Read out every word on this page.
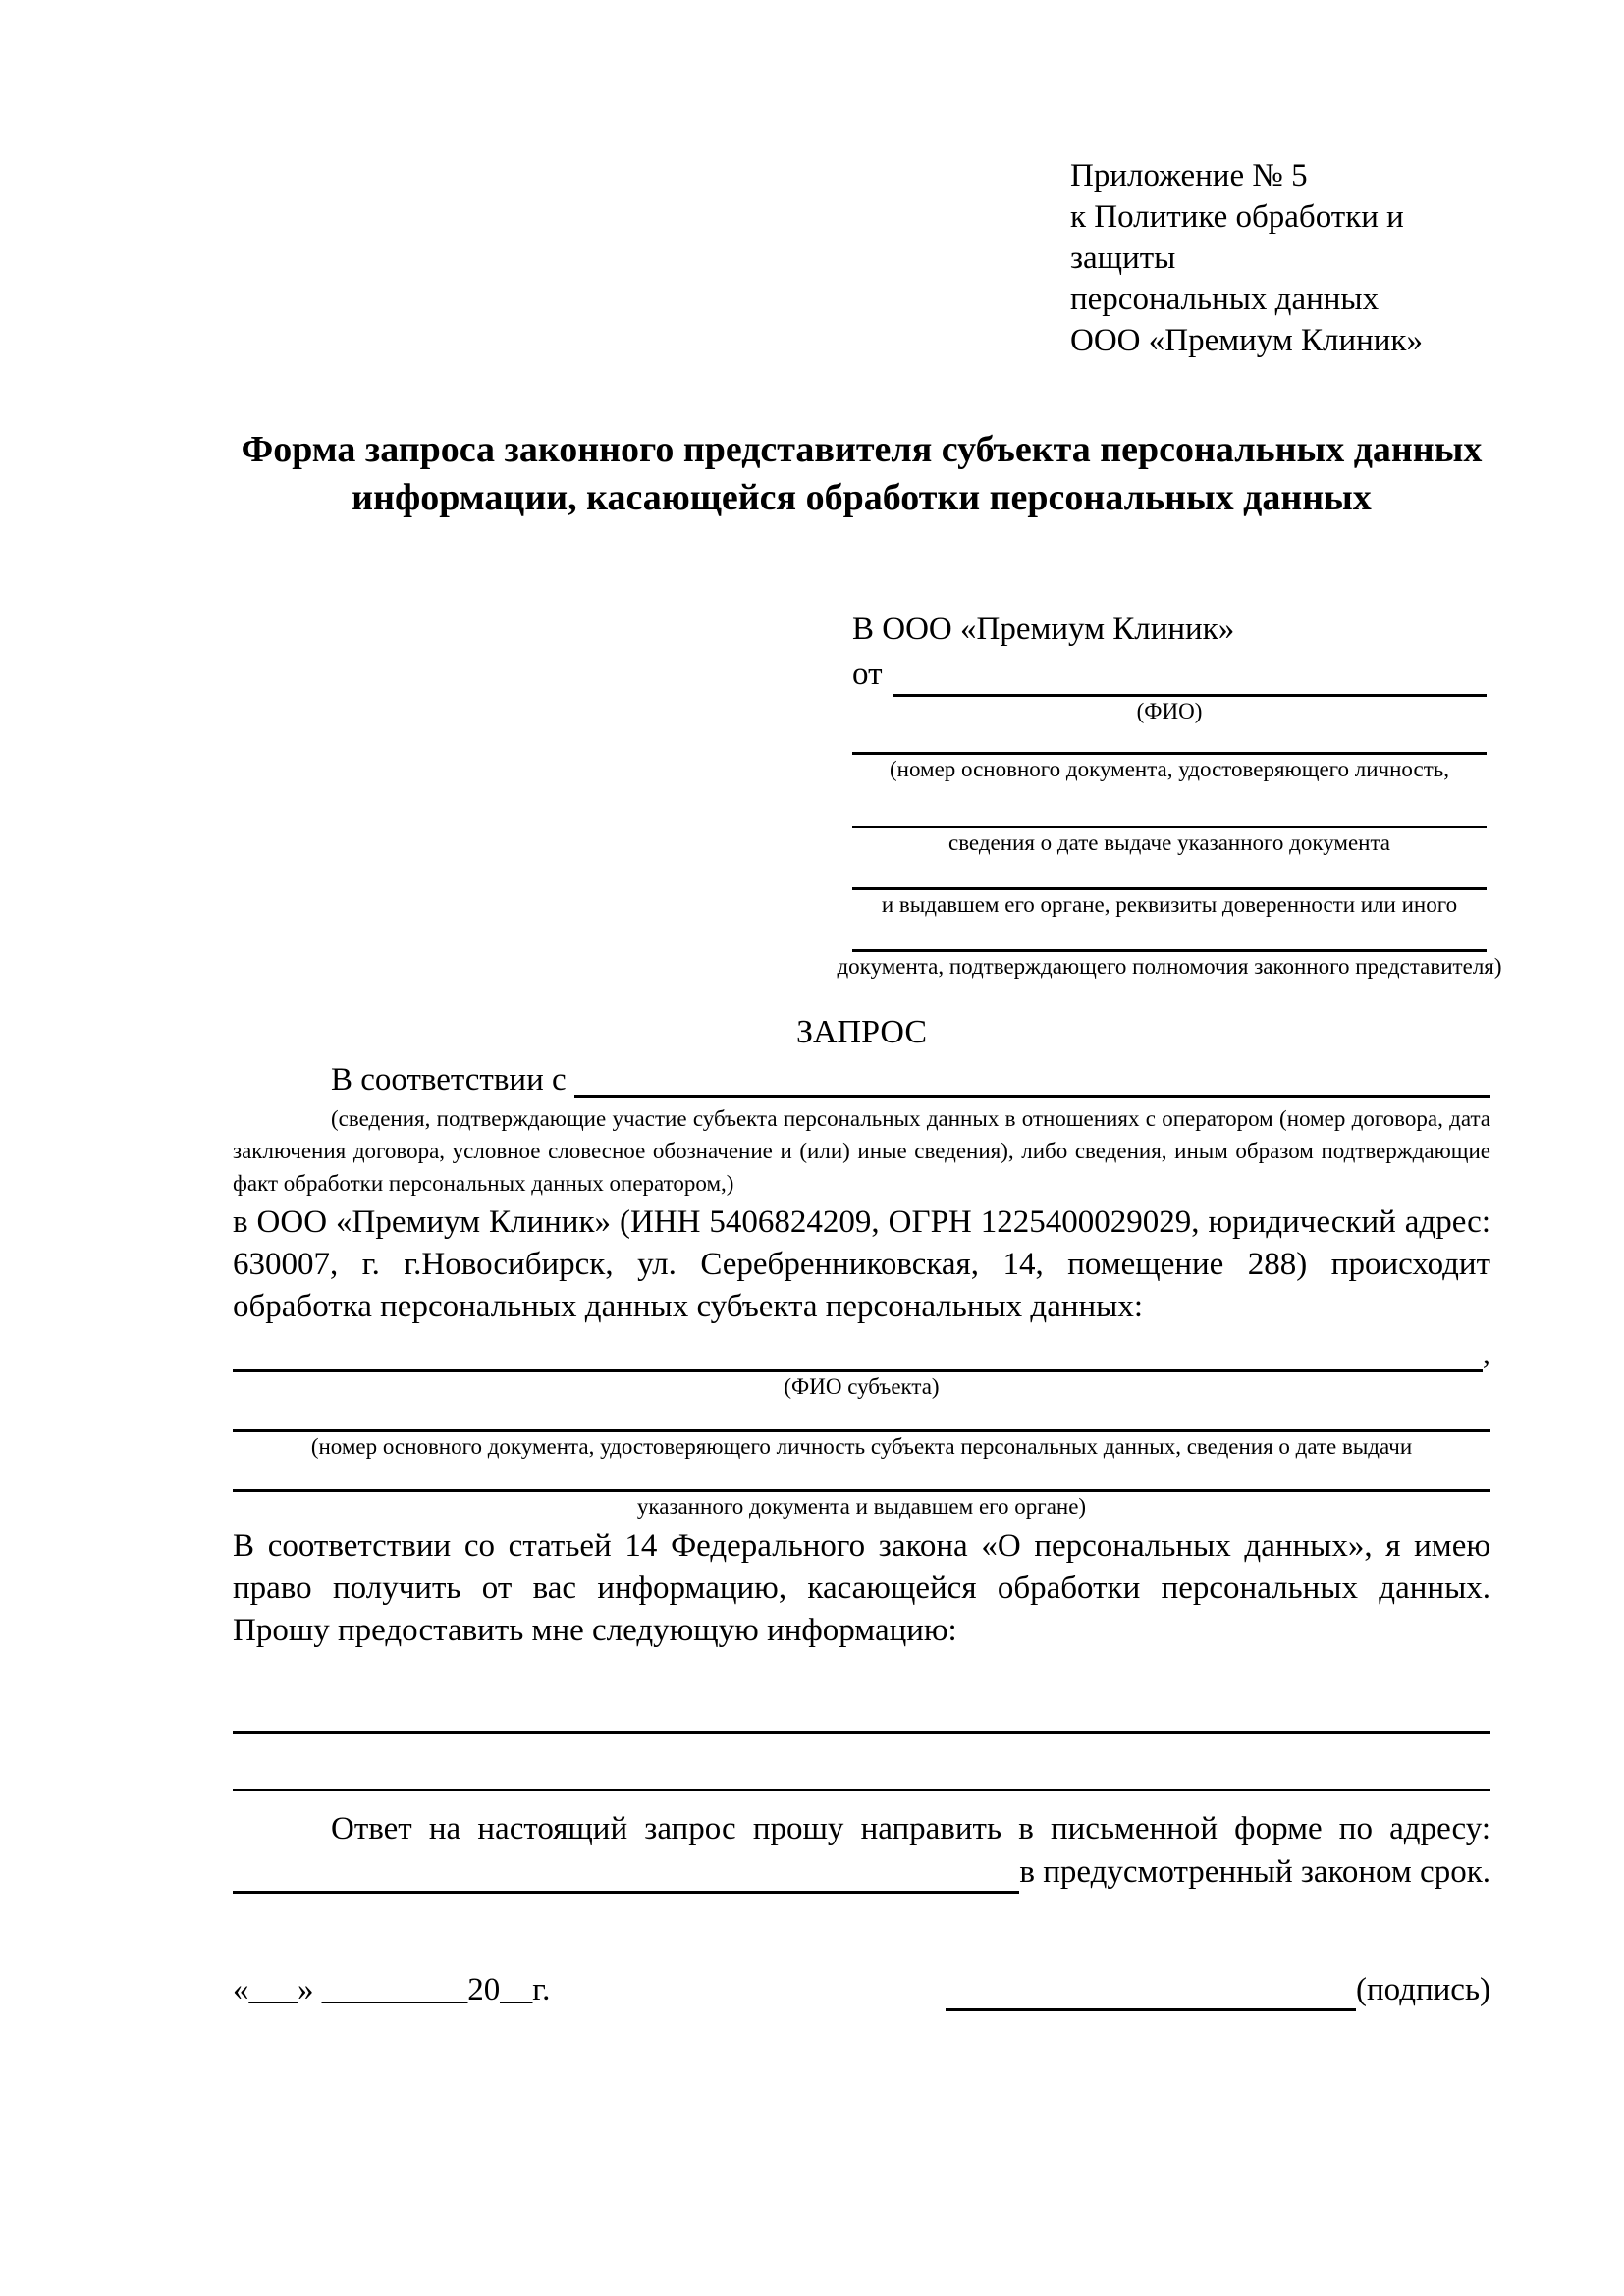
Приложение № 5
к Политике обработки и защиты
персональных данных
ООО «Премиум Клиник»
Форма запроса законного представителя субъекта персональных данных информации, касающейся обработки персональных данных
В ООО «Премиум Клиник»
от
(ФИО)
(номер основного документа, удостоверяющего личность,
сведения о дате выдаче указанного документа
и выдавшем его органе, реквизиты доверенности или иного
документа, подтверждающего полномочия законного представителя)
ЗАПРОС
В соответствии с
(сведения, подтверждающие участие субъекта персональных данных в отношениях с оператором (номер договора, дата заключения договора, условное словесное обозначение и (или) иные сведения), либо сведения, иным образом подтверждающие факт обработки персональных данных оператором,)
в ООО «Премиум Клиник» (ИНН 5406824209, ОГРН 1225400029029, юридический адрес: 630007, г. г.Новосибирск, ул. Серебренниковская, 14, помещение 288) происходит обработка персональных данных субъекта персональных данных:
,
(ФИО субъекта)
(номер основного документа, удостоверяющего личность субъекта персональных данных, сведения о дате выдачи
указанного документа и выдавшем его органе)
В соответствии со статьей 14 Федерального закона «О персональных данных», я имею право получить от вас информацию, касающейся обработки персональных данных. Прошу предоставить мне следующую информацию:
Ответ на настоящий запрос прошу направить в письменной форме по адресу:
в предусмотренный законом срок.
«___» _________20__г.	(подпись)
